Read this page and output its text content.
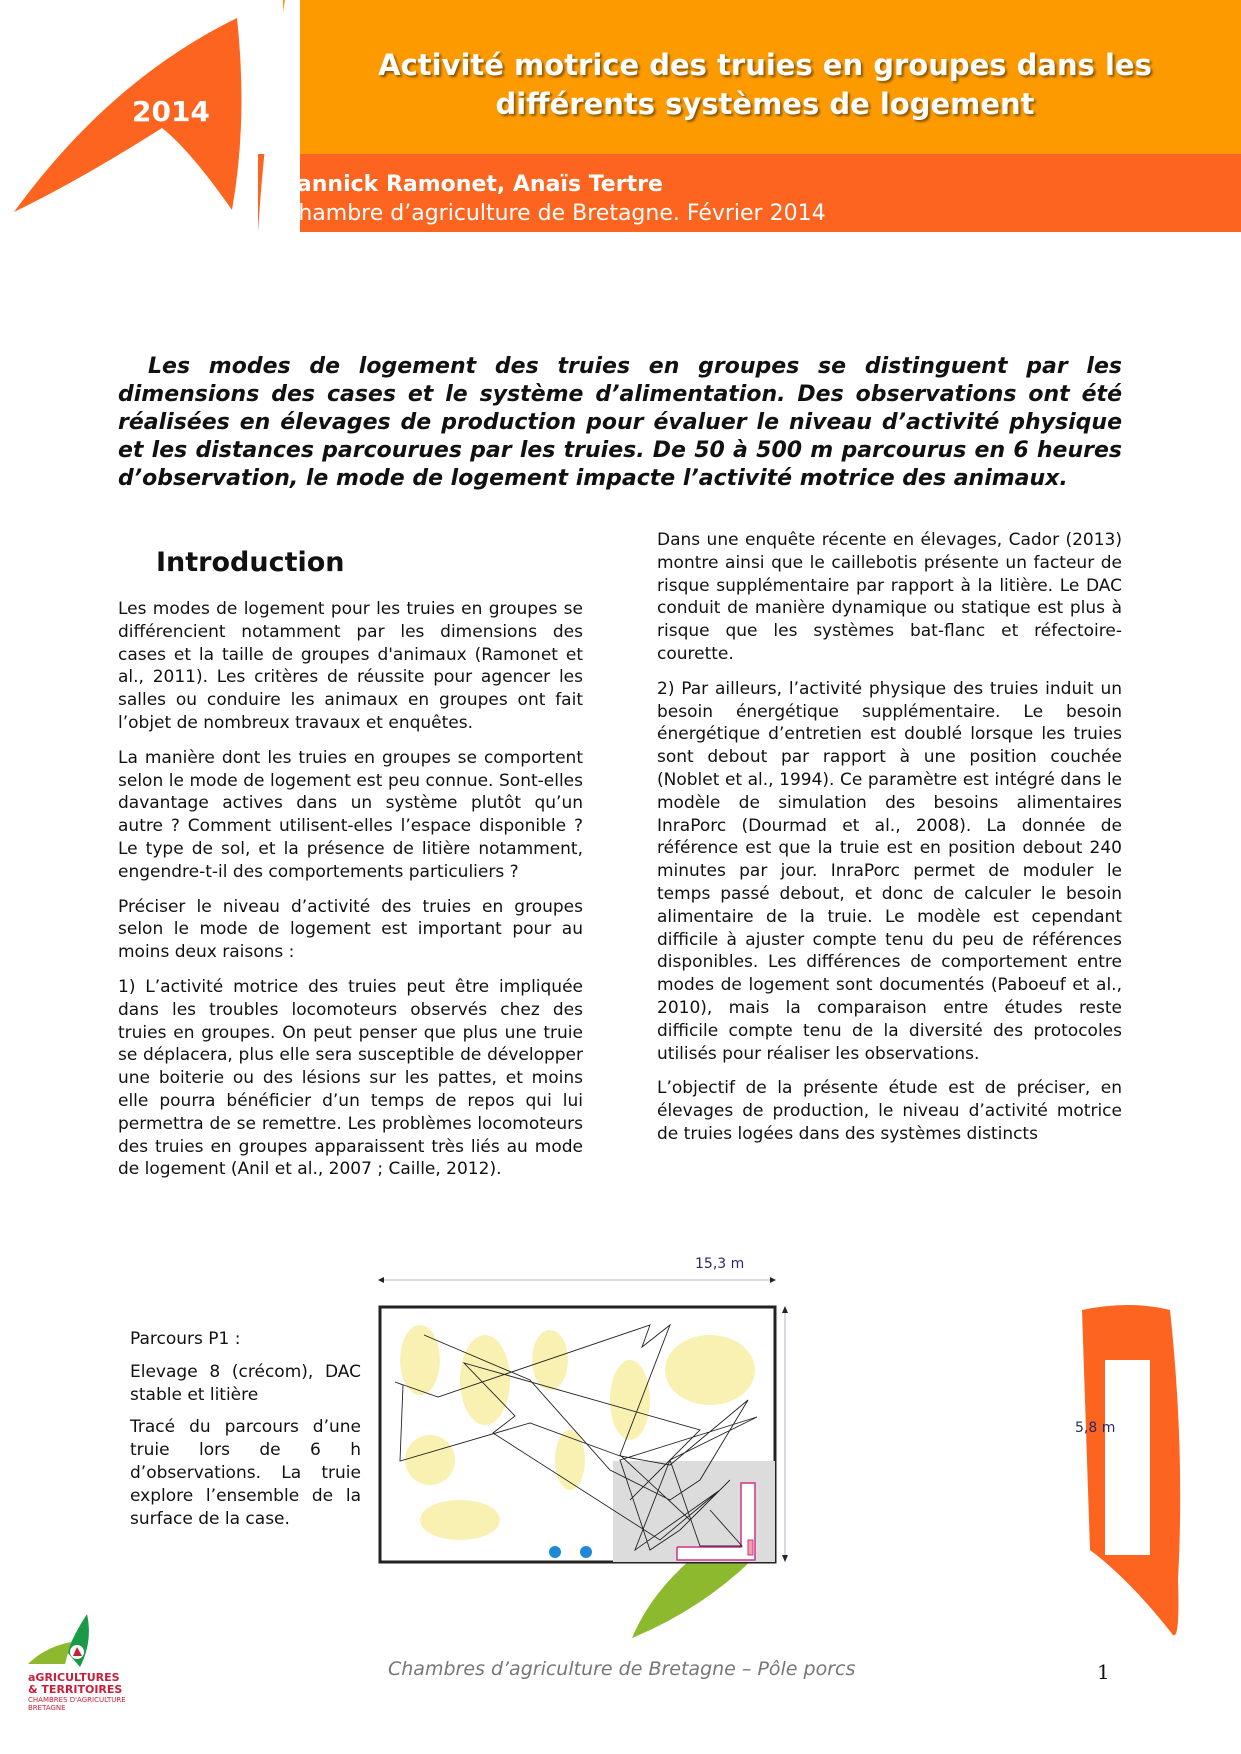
2014
Activité motrice des truies en groupes dans les
différents systèmes de logement
Yannick Ramonet, Anaïs Tertre
Chambre d’agriculture de Bretagne. Février 2014
Les modes de logement des truies en groupes se distinguent par les dimensions des cases et le système d’alimentation. Des observations ont été réalisées en élevages de production pour évaluer le niveau d’activité physique et les distances parcourues par les truies. De 50 à 500 m parcourus en 6 heures d’observation, le mode de logement impacte l’activité motrice des animaux.
Introduction

Les modes de logement pour les truies en groupes se différencient notamment par les dimensions des cases et la taille de groupes d'animaux (Ramonet et al., 2011). Les critères de réussite pour agencer les salles ou conduire les animaux en groupes ont fait l’objet de nombreux travaux et enquêtes.

La manière dont les truies en groupes se comportent selon le mode de logement est peu connue. Sont-elles davantage actives dans un système plutôt qu’un autre ? Comment utilisent-elles l’espace disponible ? Le type de sol, et la présence de litière notamment, engendre-t-il des comportements particuliers ?

Préciser le niveau d’activité des truies en groupes selon le mode de logement est important pour au moins deux raisons :

1) L’activité motrice des truies peut être impliquée dans les troubles locomoteurs observés chez des truies en groupes. On peut penser que plus une truie se déplacera, plus elle sera susceptible de développer une boiterie ou des lésions sur les pattes, et moins elle pourra bénéficier d’un temps de repos qui lui permettra de se remettre. Les problèmes locomoteurs des truies en groupes apparaissent très liés au mode de logement (Anil et al., 2007 ; Caille, 2012).

Dans une enquête récente en élevages, Cador (2013) montre ainsi que le caillebotis présente un facteur de risque supplémentaire par rapport à la litière. Le DAC conduit de manière dynamique ou statique est plus à risque que les systèmes bat-flanc et réfectoire-courette.

2) Par ailleurs, l’activité physique des truies induit un besoin énergétique supplémentaire. Le besoin énergétique d’entretien est doublé lorsque les truies sont debout par rapport à une position couchée (Noblet et al., 1994). Ce paramètre est intégré dans le modèle de simulation des besoins alimentaires InraPorc (Dourmad et al., 2008). La donnée de référence est que la truie est en position debout 240 minutes par jour. InraPorc permet de moduler le temps passé debout, et donc de calculer le besoin alimentaire de la truie. Le modèle est cependant difficile à ajuster compte tenu du peu de références disponibles. Les différences de comportement entre modes de logement sont documentés (Paboeuf et al., 2010), mais la comparaison entre études reste difficile compte tenu de la diversité des protocoles utilisés pour réaliser les observations.

L’objectif de la présente étude est de préciser, en élevages de production, le niveau d’activité motrice de truies logées dans des systèmes distincts

Parcours P1 :

Elevage 8 (crécom), DAC stable et litière

Tracé du parcours d’une truie lors de 6 h d’observations. La truie explore l’ensemble de la surface de la case.

15,3 m
5,8 m
aGRICULTURES
& TERRITOIRES
CHAMBRES D'AGRICULTURE
BRETAGNE
Chambres d’agriculture de Bretagne – Pôle porcs	1
